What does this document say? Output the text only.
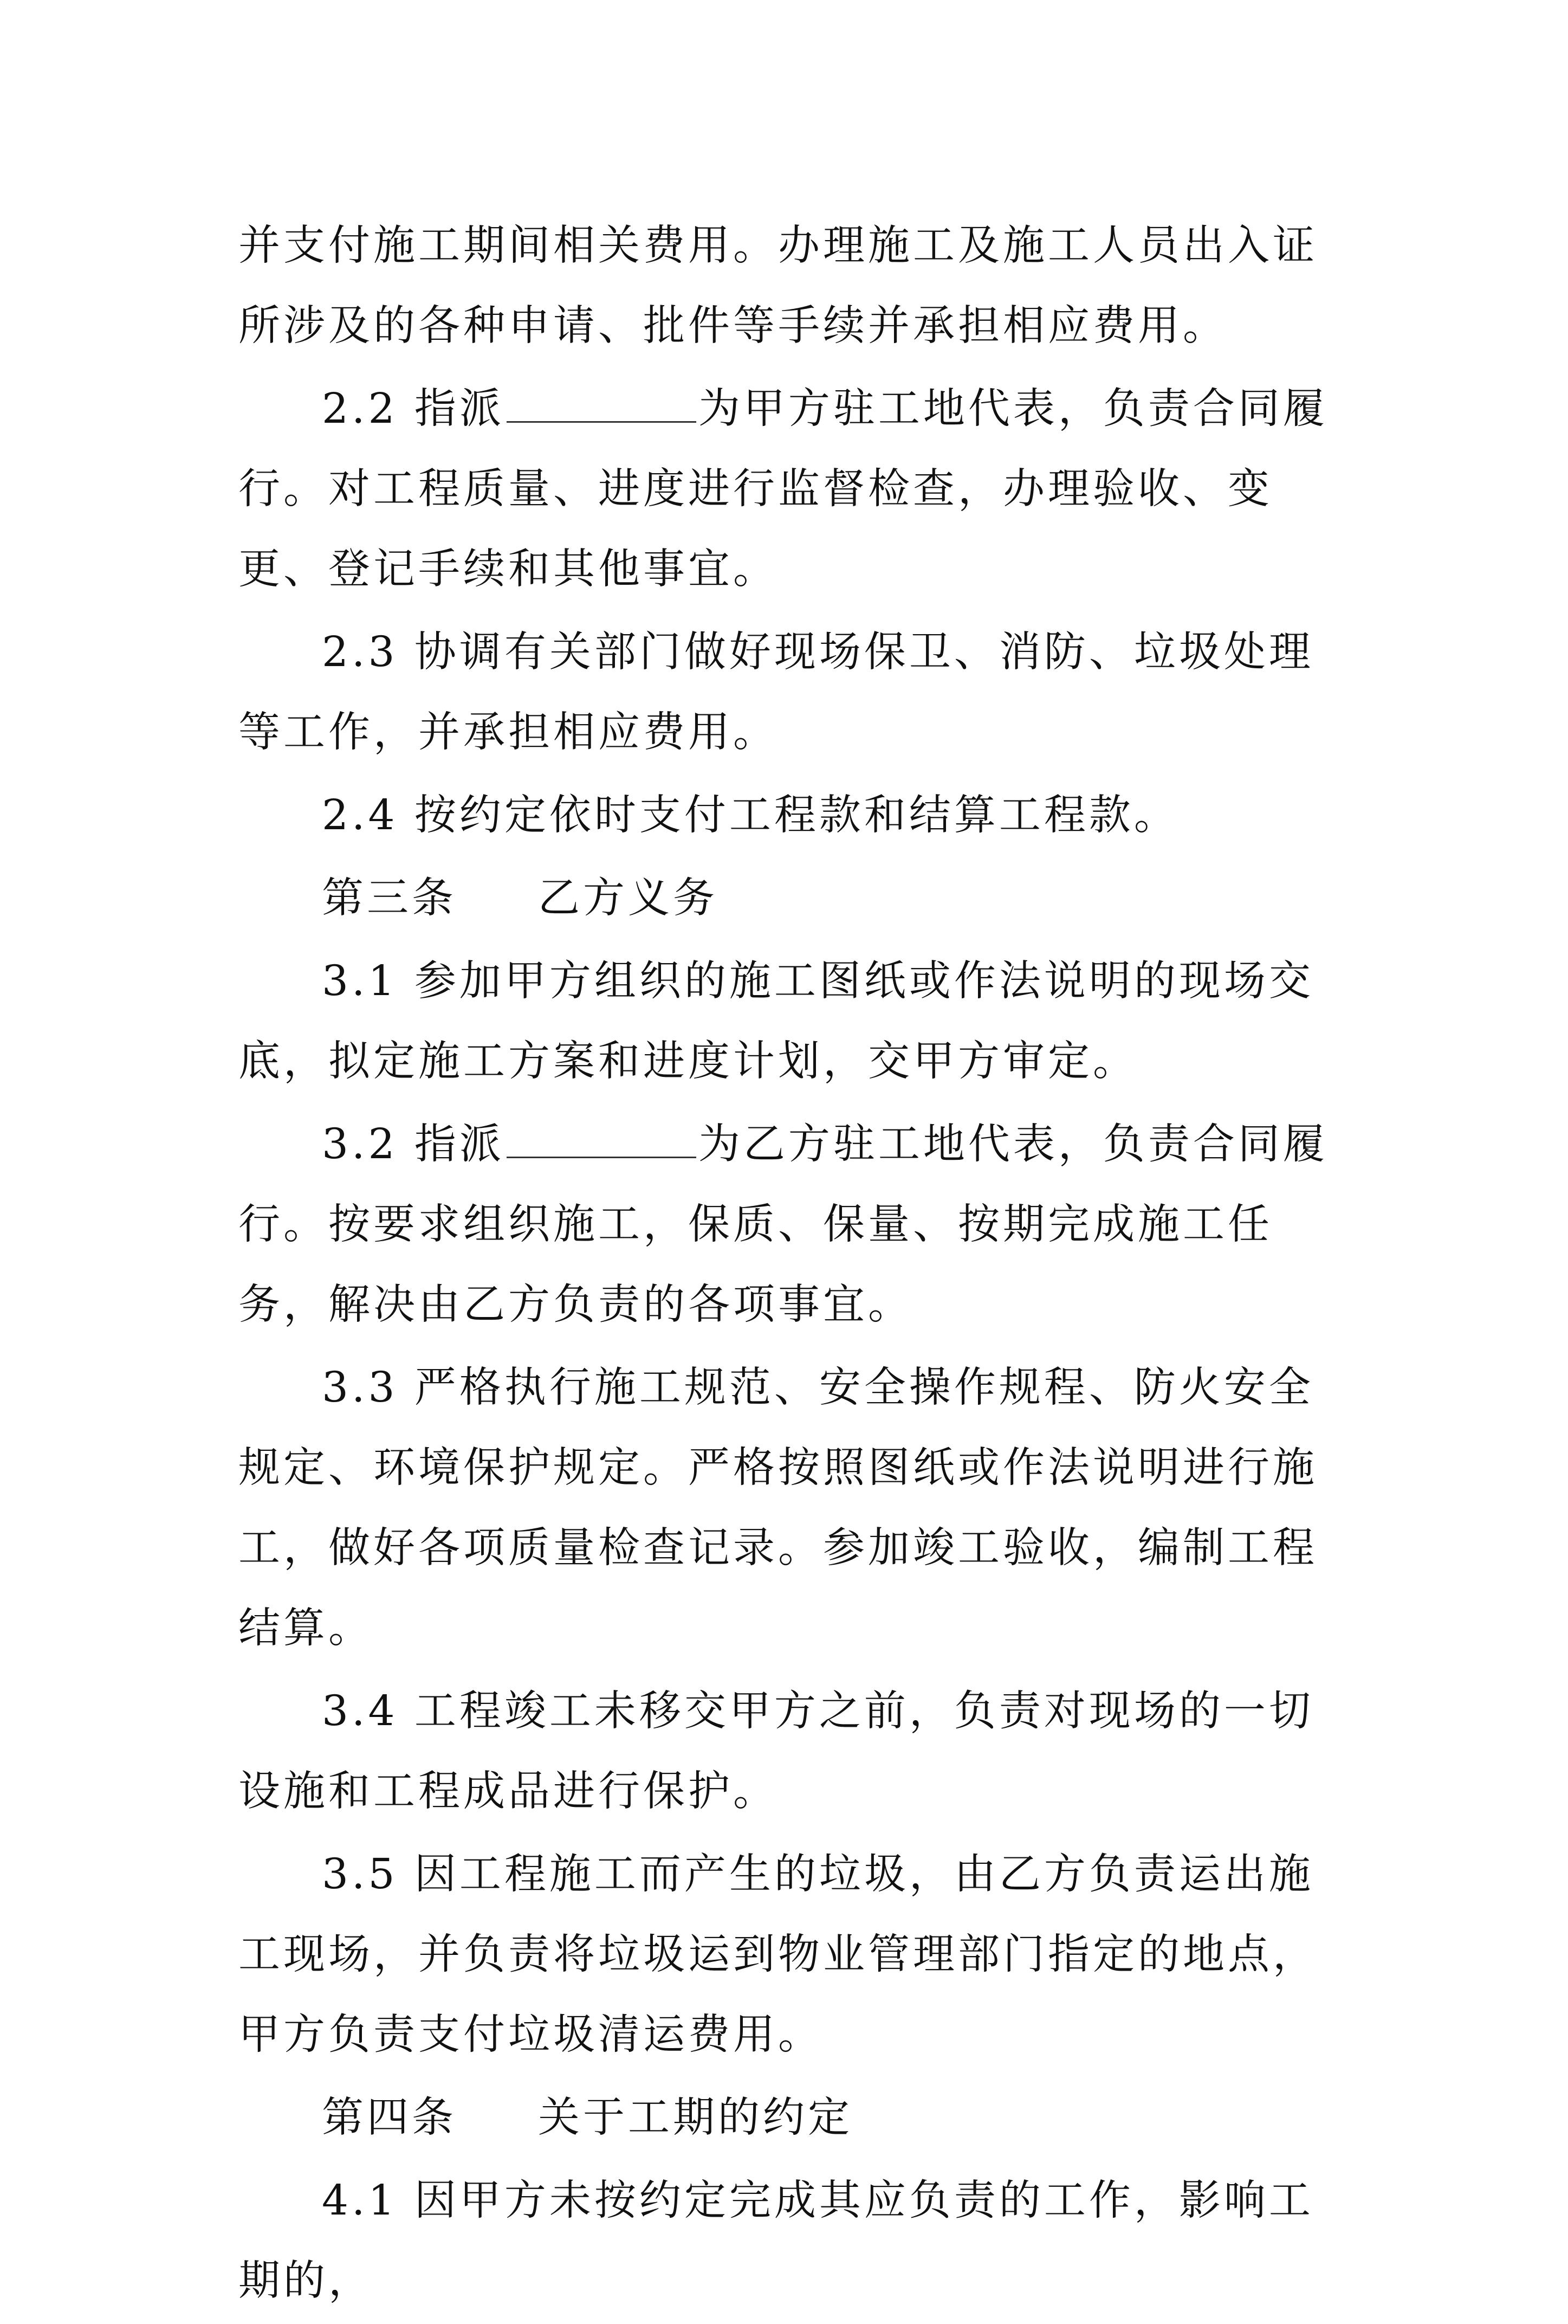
并支付施工期间相关费用。办理施工及施工人员出入证所涉及的各种申请、批件等手续并承担相应费用。

2.2 指派	为甲方驻工地代表，负责合同履行。对工程质量、进度进行监督检查，办理验收、变更、登记手续和其他事宜。

2.3 协调有关部门做好现场保卫、消防、垃圾处理等工作，并承担相应费用。

2.4 按约定依时支付工程款和结算工程款。

第三条 乙方义务

3.1 参加甲方组织的施工图纸或作法说明的现场交底，拟定施工方案和进度计划，交甲方审定。

3.2 指派	为乙方驻工地代表，负责合同履行。按要求组织施工，保质、保量、按期完成施工任务，解决由乙方负责的各项事宜。

3.3 严格执行施工规范、安全操作规程、防火安全规定、环境保护规定。严格按照图纸或作法说明进行施工，做好各项质量检查记录。参加竣工验收，编制工程结算。

3.4 工程竣工未移交甲方之前，负责对现场的一切设施和工程成品进行保护。

3.5 因工程施工而产生的垃圾，由乙方负责运出施工现场，并负责将垃圾运到物业管理部门指定的地点，甲方负责支付垃圾清运费用。

第四条 关于工期的约定

4.1 因甲方未按约定完成其应负责的工作，影响工期的，
